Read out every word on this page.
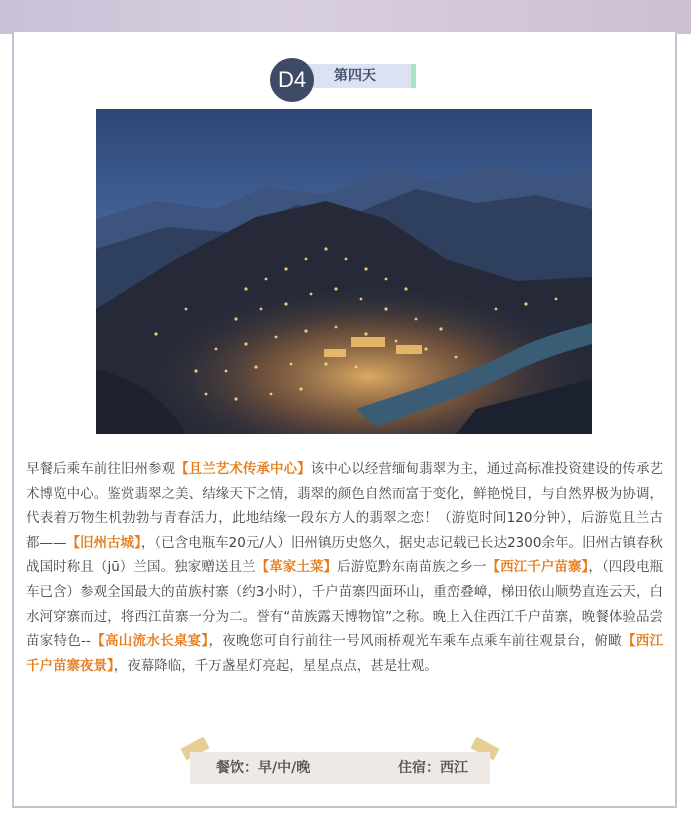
D4	第四天

早餐后乘车前往旧州参观【且兰艺术传承中心】该中心以经营缅甸翡翠为主，通过高标准投资建设的传承艺术博览中心。鉴赏翡翠之美、结缘天下之情，翡翠的颜色自然而富于变化，鲜艳悦目，与自然界极为协调，代表着万物生机勃勃与青春活力，此地结缘一段东方人的翡翠之恋！（游览时间120分钟），后游览且兰古都——【旧州古城】，（已含电瓶车20元/人）旧州镇历史悠久，据史志记载已长达2300余年。旧州古镇春秋战国时称且（jū）兰国。独家赠送且兰【革家土菜】后游览黔东南苗族之乡一【西江千户苗寨】，（四段电瓶车已含）参观全国最大的苗族村寨（约3小时），千户苗寨四面环山，重峦叠嶂，梯田依山顺势直连云天，白水河穿寨而过，将西江苗寨一分为二。誉有“苗族露天博物馆”之称。晚上入住西江千户苗寨，晚餐体验品尝苗家特色--【高山流水长桌宴】，夜晚您可自行前往一号风雨桥观光车乘车点乘车前往观景台，俯瞰【西江千户苗寨夜景】，夜幕降临，千万盏星灯亮起，星星点点，甚是壮观。

餐饮：早/中/晚	住宿：西江
